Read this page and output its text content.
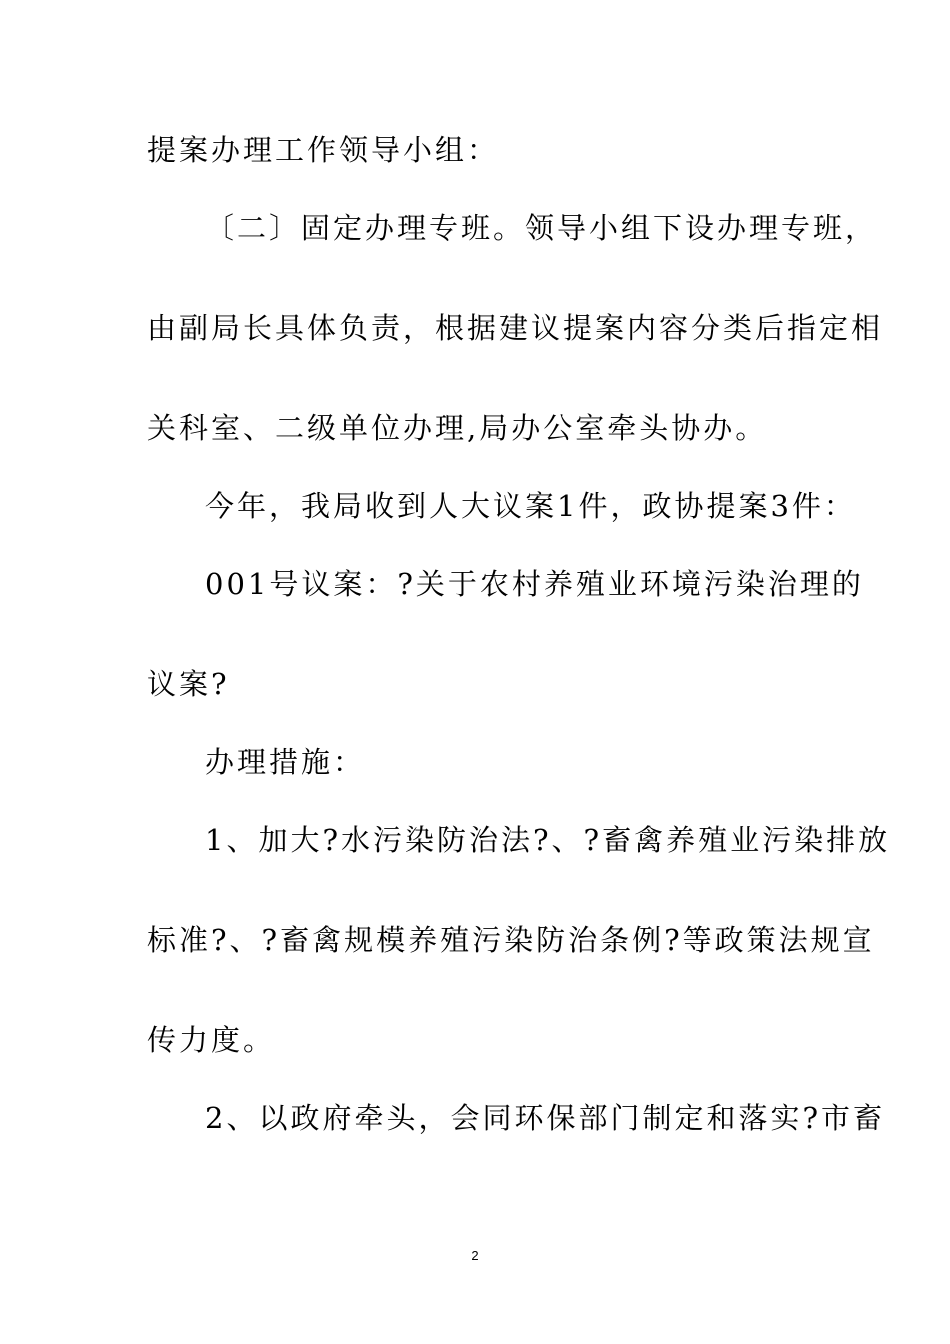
提案办理工作领导小组：
〔二〕固定办理专班。领导小组下设办理专班，
由副局长具体负责，根据建议提案内容分类后指定相
关科室、二级单位办理,局办公室牵头协办。
今年，我局收到人大议案1件，政协提案3件：
001号议案：?关于农村养殖业环境污染治理的
议案?
办理措施：
1、加大?水污染防治法?、?畜禽养殖业污染排放
标准?、?畜禽规模养殖污染防治条例?等政策法规宣
传力度。
2、以政府牵头，会同环保部门制定和落实?市畜
2
